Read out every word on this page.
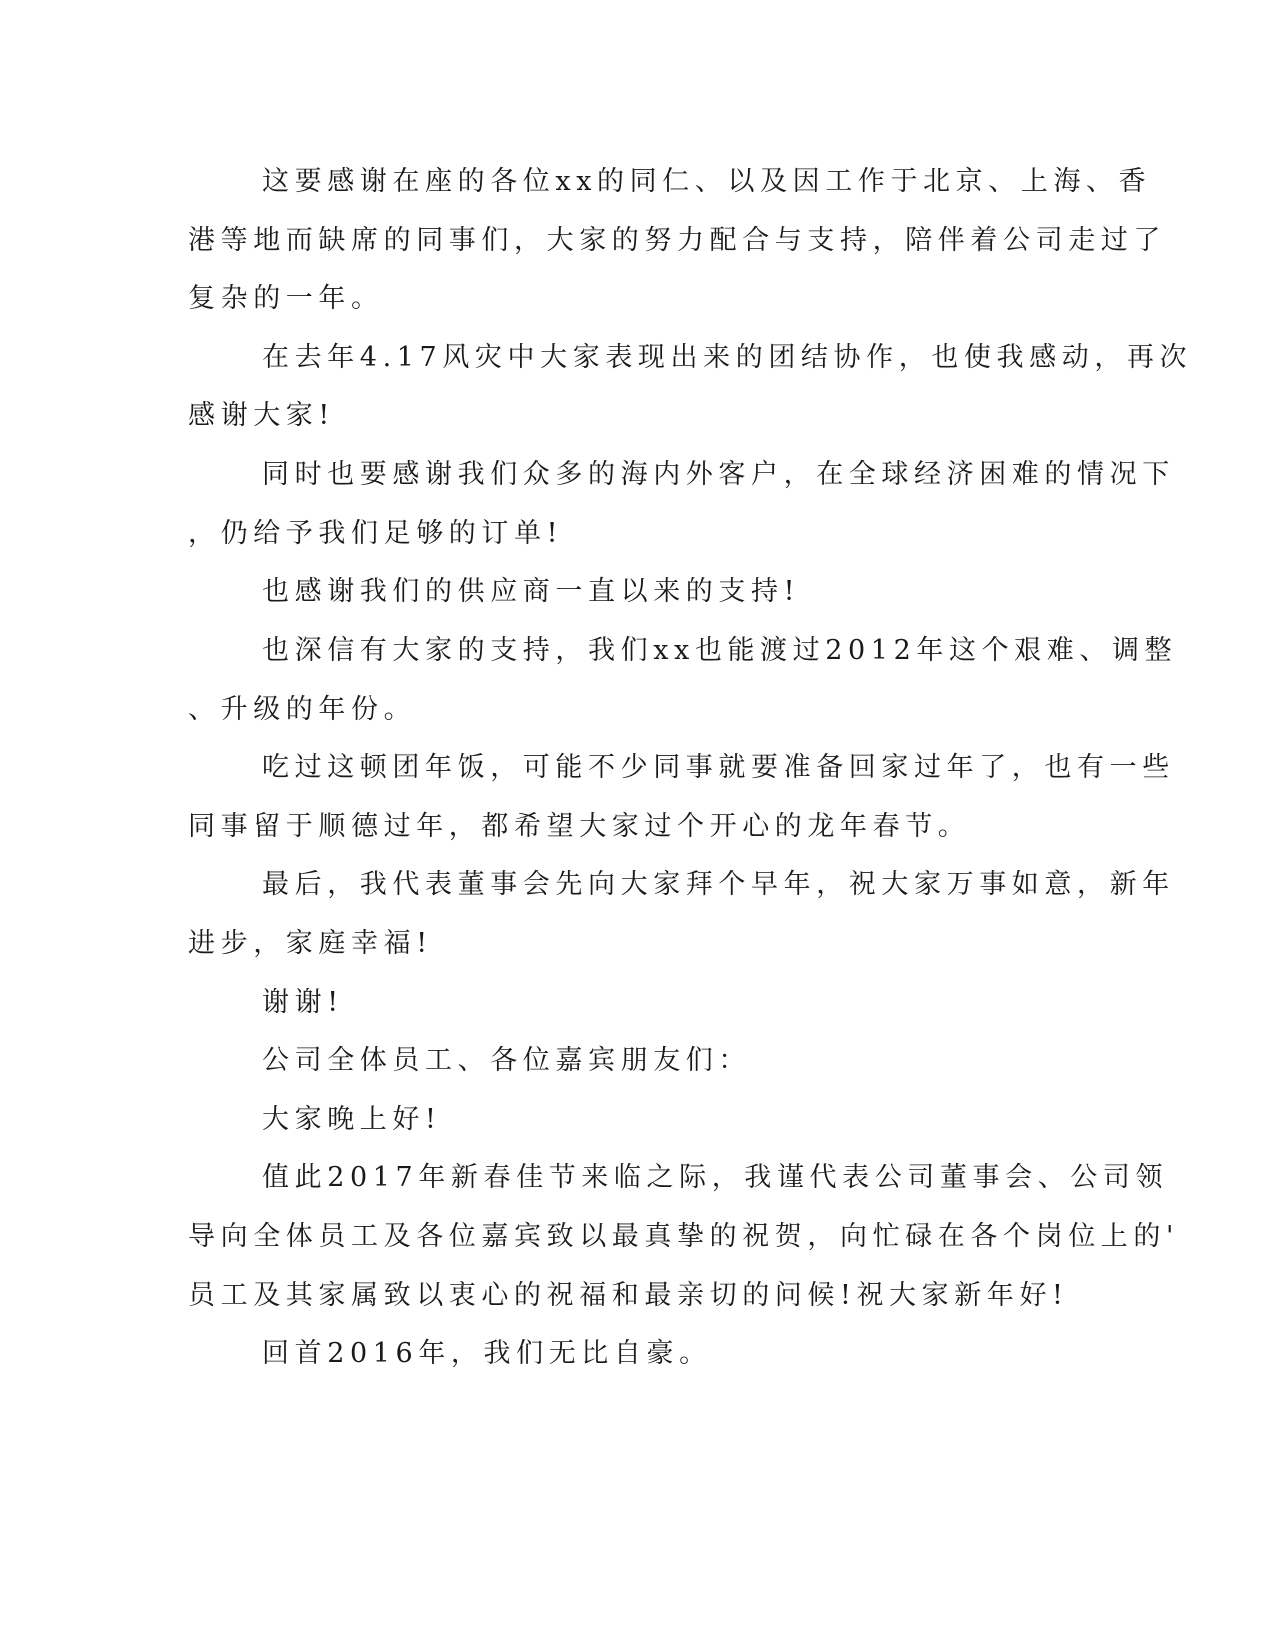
这要感谢在座的各位xx的同仁、以及因工作于北京、上海、香
港等地而缺席的同事们，大家的努力配合与支持，陪伴着公司走过了
复杂的一年。
在去年4.17风灾中大家表现出来的团结协作，也使我感动，再次
感谢大家!
同时也要感谢我们众多的海内外客户，在全球经济困难的情况下
，仍给予我们足够的订单!
也感谢我们的供应商一直以来的支持!
也深信有大家的支持，我们xx也能渡过2012年这个艰难、调整
、升级的年份。
吃过这顿团年饭，可能不少同事就要准备回家过年了，也有一些
同事留于顺德过年，都希望大家过个开心的龙年春节。
最后，我代表董事会先向大家拜个早年，祝大家万事如意，新年
进步，家庭幸福!
谢谢!
公司全体员工、各位嘉宾朋友们：
大家晚上好!
值此2017年新春佳节来临之际，我谨代表公司董事会、公司领
导向全体员工及各位嘉宾致以最真挚的祝贺，向忙碌在各个岗位上的'
员工及其家属致以衷心的祝福和最亲切的问候!祝大家新年好!
回首2016年，我们无比自豪。
